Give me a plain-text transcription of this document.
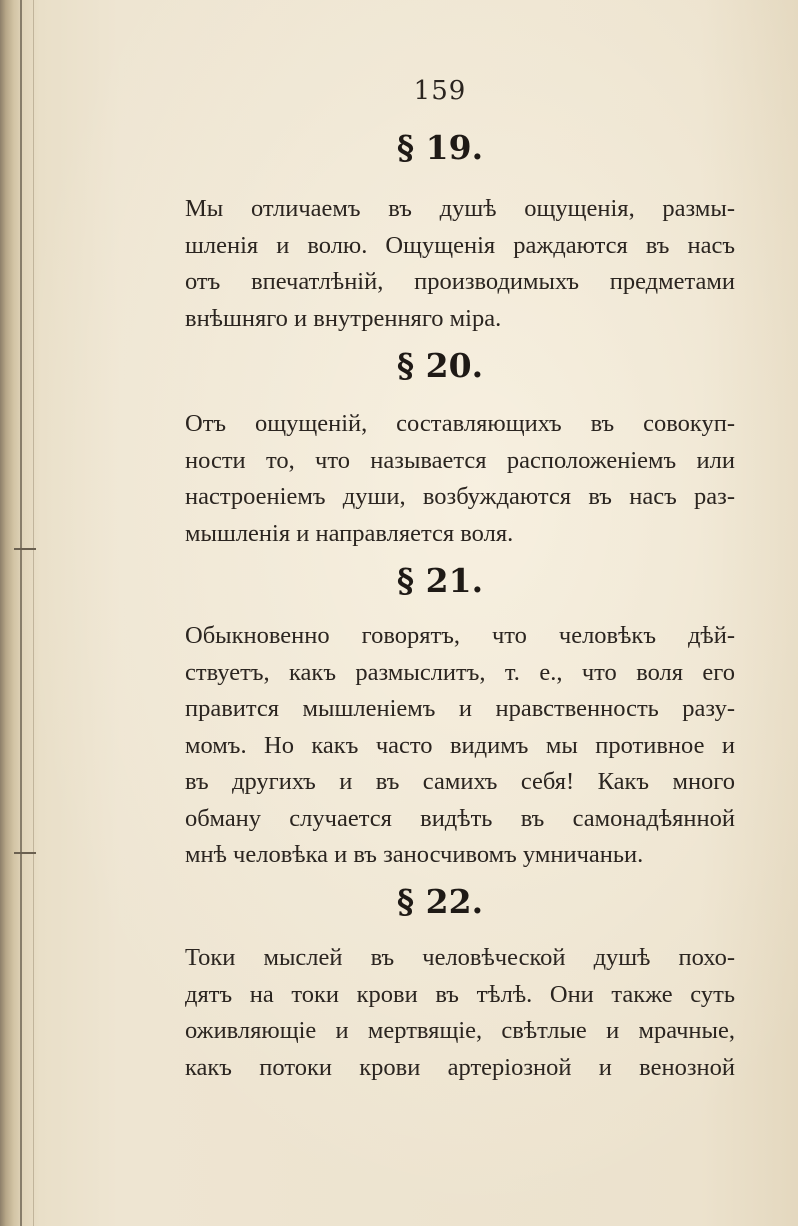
159
§ 19.
Мы отличаемъ въ душѣ ощущенія, размы-
шленія и волю. Ощущенія раждаются въ насъ
отъ впечатлѣній, производимыхъ предметами
внѣшняго и внутренняго міра.
§ 20.
Отъ ощущеній, составляющихъ въ совокуп-
ности то, что называется расположеніемъ или
настроеніемъ души, возбуждаются въ насъ раз-
мышленія и направляется воля.
§ 21.
Обыкновенно говорятъ, что человѣкъ дѣй-
ствуетъ, какъ размыслитъ, т. е., что воля его
правится мышленіемъ и нравственность разу-
момъ. Но какъ часто видимъ мы противное и
въ другихъ и въ самихъ себя! Какъ много
обману случается видѣть въ самонадѣянной
мнѣ человѣка и въ заносчивомъ умничаньи.
§ 22.
Токи мыслей въ человѣческой душѣ похо-
дятъ на токи крови въ тѣлѣ. Они также суть
оживляющіе и мертвящіе, свѣтлые и мрачные,
какъ потоки крови артеріозной и венозной
